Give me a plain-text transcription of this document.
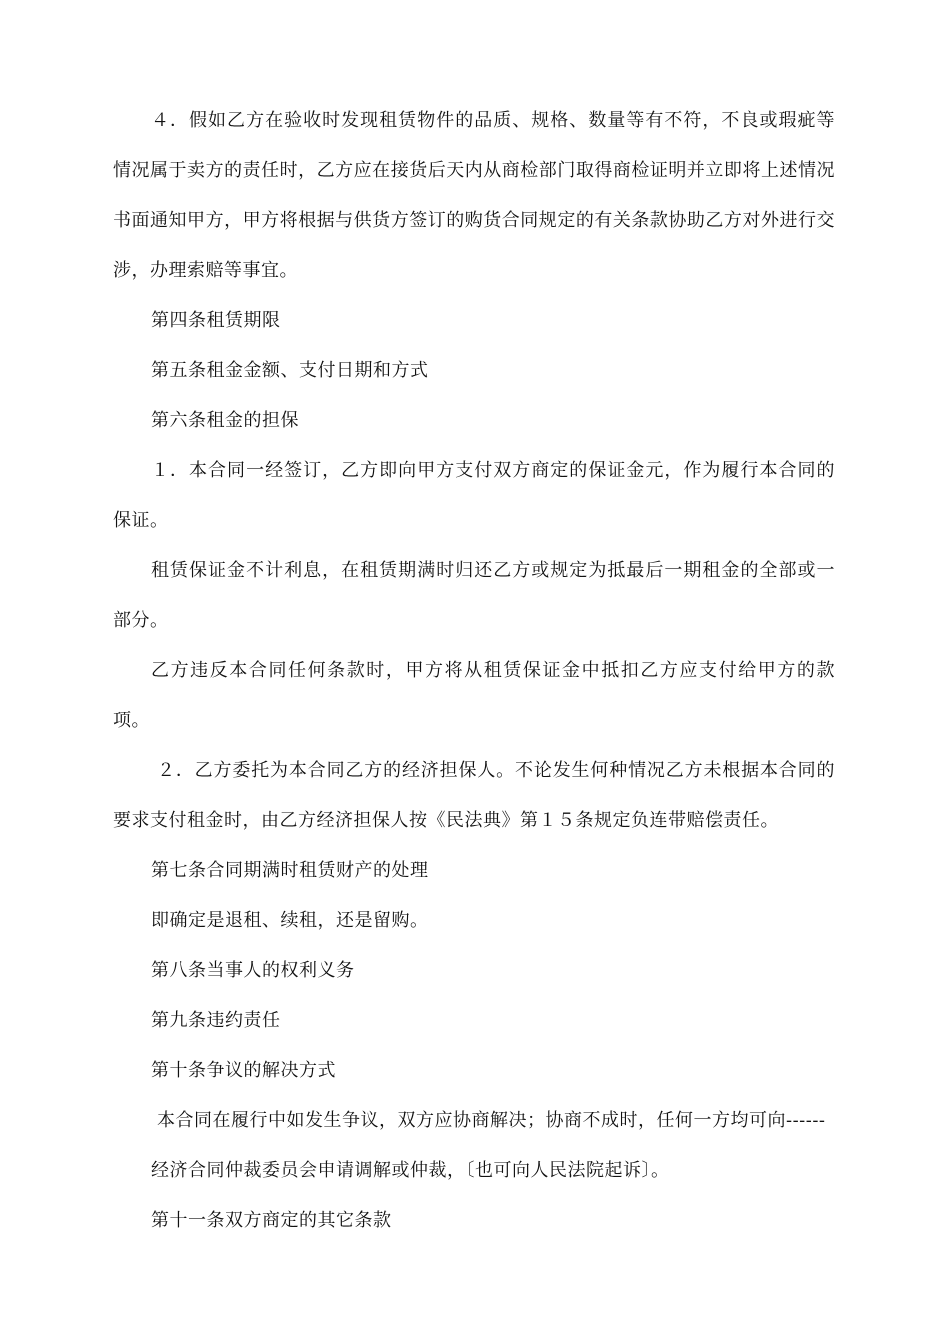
４．假如乙方在验收时发现租赁物件的品质、规格、数量等有不符，不良或瑕疵等情况属于卖方的责任时，乙方应在接货后天内从商检部门取得商检证明并立即将上述情况书面通知甲方，甲方将根据与供货方签订的购货合同规定的有关条款协助乙方对外进行交涉，办理索赔等事宜。

第四条租赁期限

第五条租金金额、支付日期和方式

第六条租金的担保

１．本合同一经签订，乙方即向甲方支付双方商定的保证金元，作为履行本合同的保证。

租赁保证金不计利息，在租赁期满时归还乙方或规定为抵最后一期租金的全部或一部分。

乙方违反本合同任何条款时，甲方将从租赁保证金中抵扣乙方应支付给甲方的款项。

２．乙方委托为本合同乙方的经济担保人。不论发生何种情况乙方未根据本合同的要求支付租金时，由乙方经济担保人按《民法典》第１５条规定负连带赔偿责任。

第七条合同期满时租赁财产的处理

即确定是退租、续租，还是留购。

第八条当事人的权利义务

第九条违约责任

第十条争议的解决方式

本合同在履行中如发生争议，双方应协商解决；协商不成时，任何一方均可向------

经济合同仲裁委员会申请调解或仲裁，〔也可向人民法院起诉〕。

第十一条双方商定的其它条款
